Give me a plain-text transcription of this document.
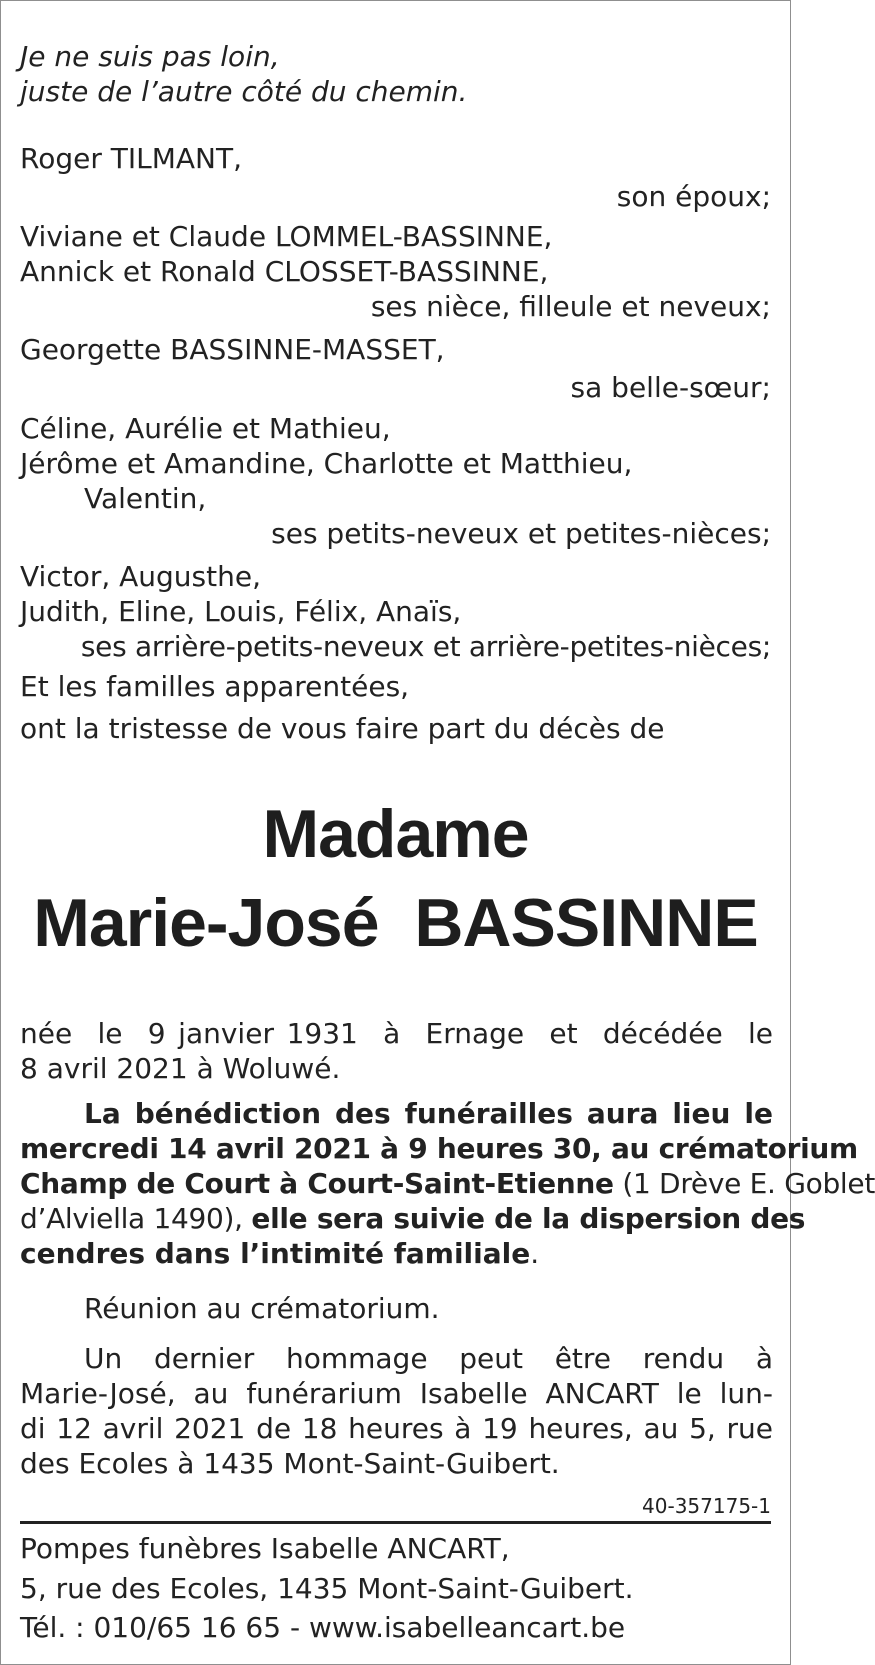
Je ne suis pas loin,
juste de l’autre côté du chemin.
Roger TILMANT,
son époux;
Viviane et Claude LOMMEL-BASSINNE,
Annick et Ronald CLOSSET-BASSINNE,
ses nièce, filleule et neveux;
Georgette BASSINNE-MASSET,
sa belle-sœur;
Céline, Aurélie et Mathieu,
Jérôme et Amandine, Charlotte et Matthieu,
Valentin,
ses petits-neveux et petites-nièces;
Victor, Augusthe,
Judith, Eline, Louis, Félix, Anaïs,
ses arrière-petits-neveux et arrière-petites-nièces;
Et les familles apparentées,
ont la tristesse de vous faire part du décès de
Madame
Marie-José  BASSINNE
née  le  9 janvier 1931  à  Ernage  et  décédée  le
8 avril 2021 à Woluwé.
La bénédiction des funérailles aura lieu le
mercredi 14 avril 2021 à 9 heures 30, au crématorium
Champ de Court à Court-Saint-Etienne (1 Drève E. Goblet
d’Alviella 1490), elle sera suivie de la dispersion des
cendres dans l’intimité familiale.
Réunion au crématorium.
Un  dernier  hommage  peut  être  rendu  à
Marie-José, au funérarium Isabelle ANCART le lun-
di 12 avril 2021 de 18 heures à 19 heures, au 5, rue
des Ecoles à 1435 Mont-Saint-Guibert.
40-357175-1
Pompes funèbres Isabelle ANCART,
5, rue des Ecoles, 1435 Mont-Saint-Guibert.
Tél. : 010/65 16 65 - www.isabelleancart.be
